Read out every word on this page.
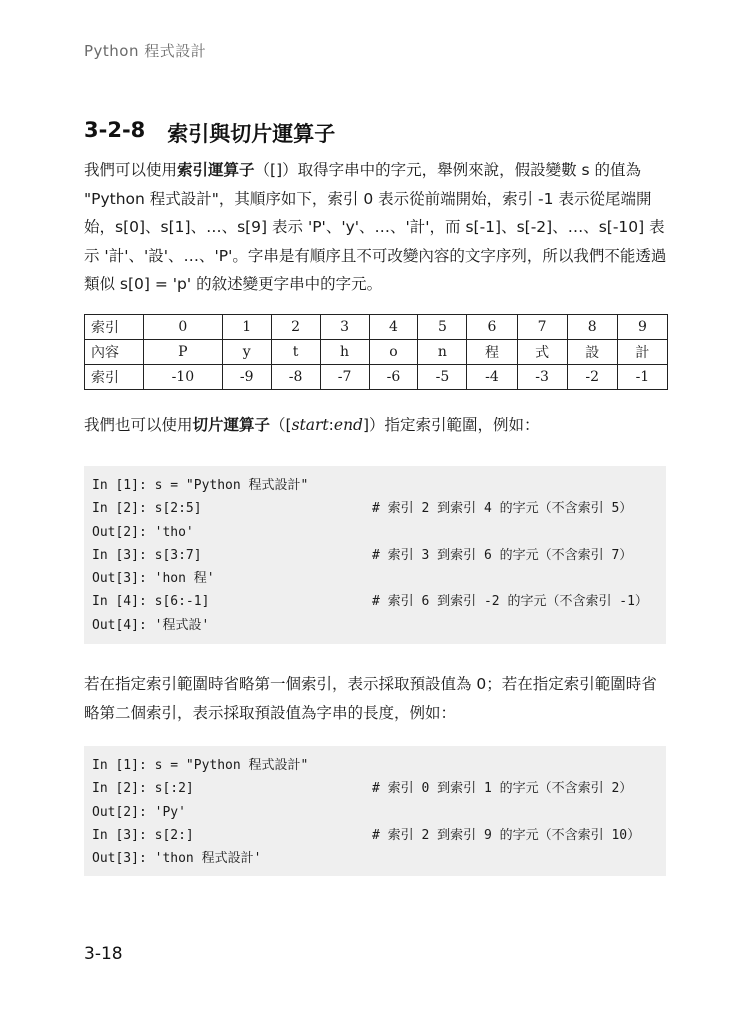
Python 程式設計
3-2-8 索引與切片運算子
我們可以使用索引運算子（[]）取得字串中的字元，舉例來說，假設變數 s 的值為 "Python 程式設計"，其順序如下，索引 0 表示從前端開始，索引 -1 表示從尾端開始，s[0]、s[1]、…、s[9] 表示 'P'、'y'、…、'計'，而 s[-1]、s[-2]、…、s[-10] 表示 '計'、'設'、…、'P'。字串是有順序且不可改變內容的文字序列，所以我們不能透過類似 s[0] = 'p' 的敘述變更字串中的字元。
索引	0	1	2	3	4	5	6	7	8	9
內容	P	y	t	h	o	n	程	式	設	計
索引	-10	-9	-8	-7	-6	-5	-4	-3	-2	-1
我們也可以使用切片運算子（[start:end]）指定索引範圍，例如：
In [1]: s = "Python 程式設計"
In [2]: s[2:5]	# 索引 2 到索引 4 的字元（不含索引 5）
Out[2]: 'tho'
In [3]: s[3:7]	# 索引 3 到索引 6 的字元（不含索引 7）
Out[3]: 'hon 程'
In [4]: s[6:-1]	# 索引 6 到索引 -2 的字元（不含索引 -1）
Out[4]: '程式設'
若在指定索引範圍時省略第一個索引，表示採取預設值為 0；若在指定索引範圍時省略第二個索引，表示採取預設值為字串的長度，例如：
In [1]: s = "Python 程式設計"
In [2]: s[:2]	# 索引 0 到索引 1 的字元（不含索引 2）
Out[2]: 'Py'
In [3]: s[2:]	# 索引 2 到索引 9 的字元（不含索引 10）
Out[3]: 'thon 程式設計'
3-18
